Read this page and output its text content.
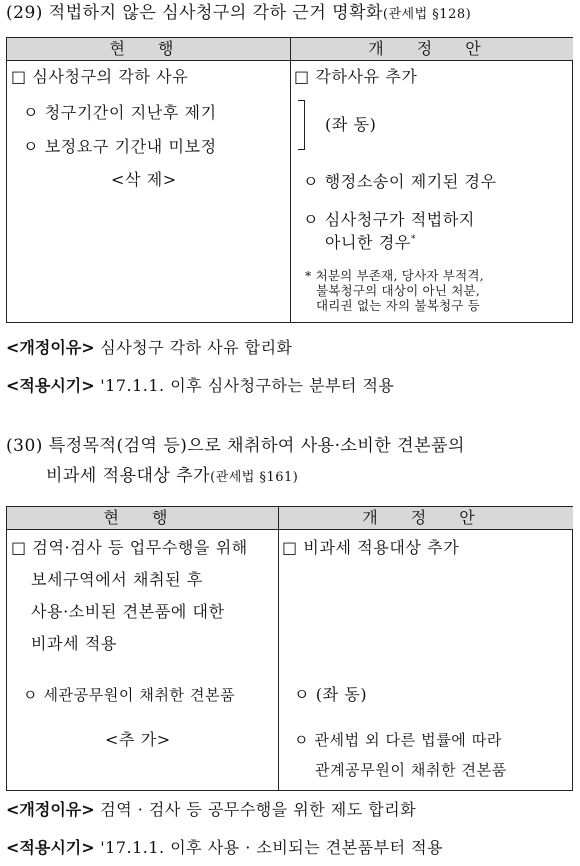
(29) 적법하지 않은 심사청구의 각하 근거 명확화(관세법 §128)
현 행	개 정 안
□ 심사청구의 각하 사유
ㅇ 청구기간이 지난후 제기
ㅇ 보정요구 기간내 미보정
<삭 제>
□ 각하사유 추가
(좌 동)
ㅇ 행정소송이 제기된 경우
ㅇ 심사청구가 적법하지
아니한 경우*
* 처분의 부존재, 당사자 부적격,
불복청구의 대상이 아닌 처분,
대리권 없는 자의 불복청구 등
<개정이유> 심사청구 각하 사유 합리화
<적용시기> '17.1.1. 이후 심사청구하는 분부터 적용
(30) 특정목적(검역 등)으로 채취하여 사용·소비한 견본품의
비과세 적용대상 추가(관세법 §161)
현 행	개 정 안
□ 검역·검사 등 업무수행을 위해
보세구역에서 채취된 후
사용·소비된 견본품에 대한
비과세 적용
ㅇ 세관공무원이 채취한 견본품
<추 가>
□ 비과세 적용대상 추가
ㅇ (좌 동)
ㅇ 관세법 외 다른 법률에 따라
관계공무원이 채취한 견본품
<개정이유> 검역 · 검사 등 공무수행을 위한 제도 합리화
<적용시기> '17.1.1. 이후 사용 · 소비되는 견본품부터 적용
